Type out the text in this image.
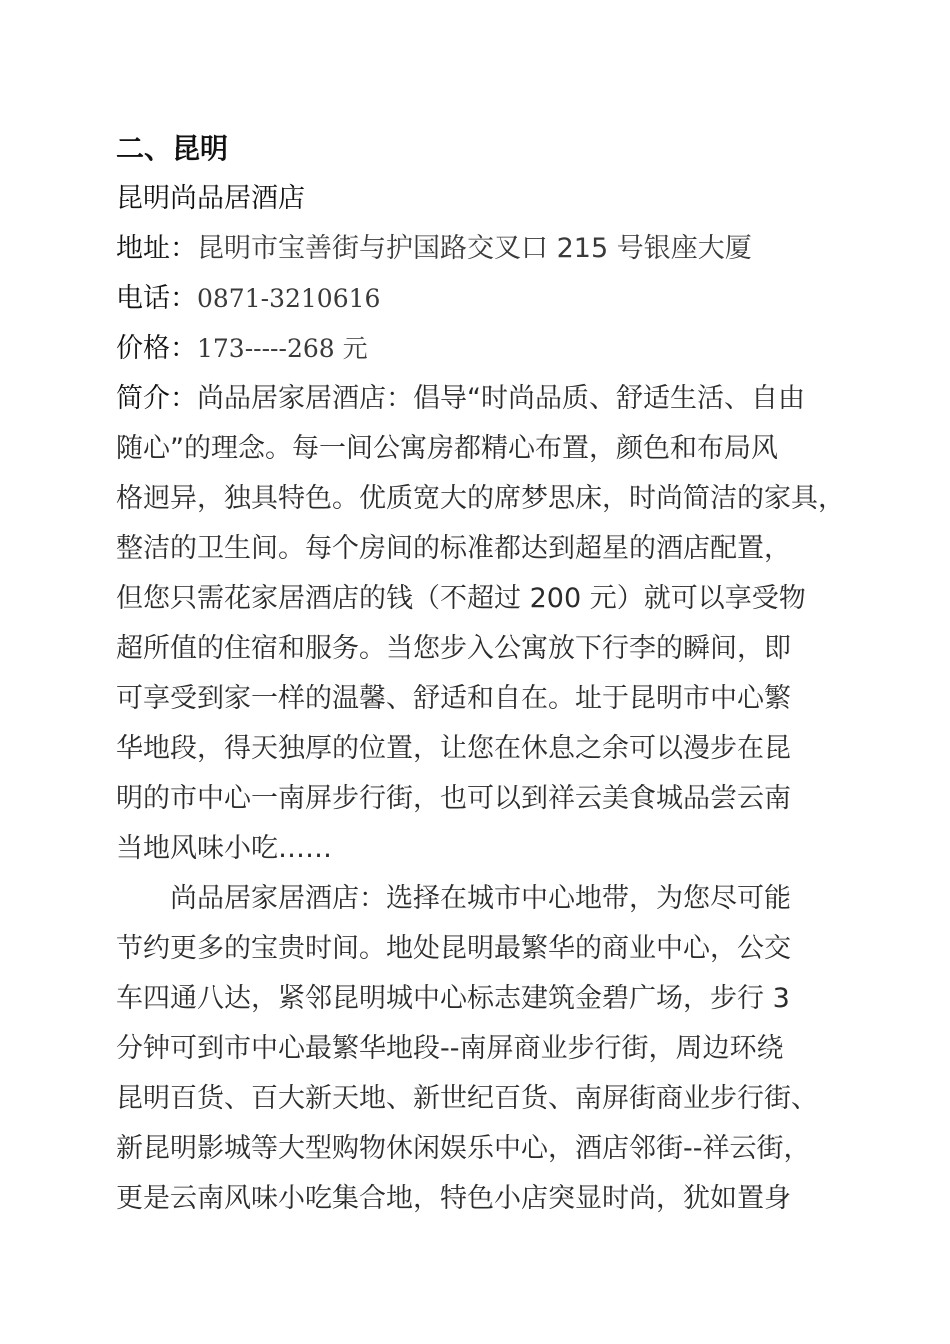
二、昆明

昆明尚品居酒店

地址：昆明市宝善街与护国路交叉口 215 号银座大厦

电话：0871-3210616

价格：173-----268 元

简介：尚品居家居酒店：倡导“时尚品质、舒适生活、自由

随心”的理念。每一间公寓房都精心布置，颜色和布局风

格迥异，独具特色。优质宽大的席梦思床，时尚简洁的家具，

整洁的卫生间。每个房间的标准都达到超星的酒店配置，

但您只需花家居酒店的钱（不超过 200 元）就可以享受物

超所值的住宿和服务。当您步入公寓放下行李的瞬间，即

可享受到家一样的温馨、舒适和自在。址于昆明市中心繁

华地段，得天独厚的位置，让您在休息之余可以漫步在昆

明的市中心一南屏步行街，也可以到祥云美食城品尝云南

当地风味小吃……

尚品居家居酒店：选择在城市中心地带，为您尽可能

节约更多的宝贵时间。地处昆明最繁华的商业中心，公交

车四通八达，紧邻昆明城中心标志建筑金碧广场，步行 3

分钟可到市中心最繁华地段--南屏商业步行街，周边环绕

昆明百货、百大新天地、新世纪百货、南屏街商业步行街、

新昆明影城等大型购物休闲娱乐中心，酒店邻街--祥云街，

更是云南风味小吃集合地，特色小店突显时尚，犹如置身
